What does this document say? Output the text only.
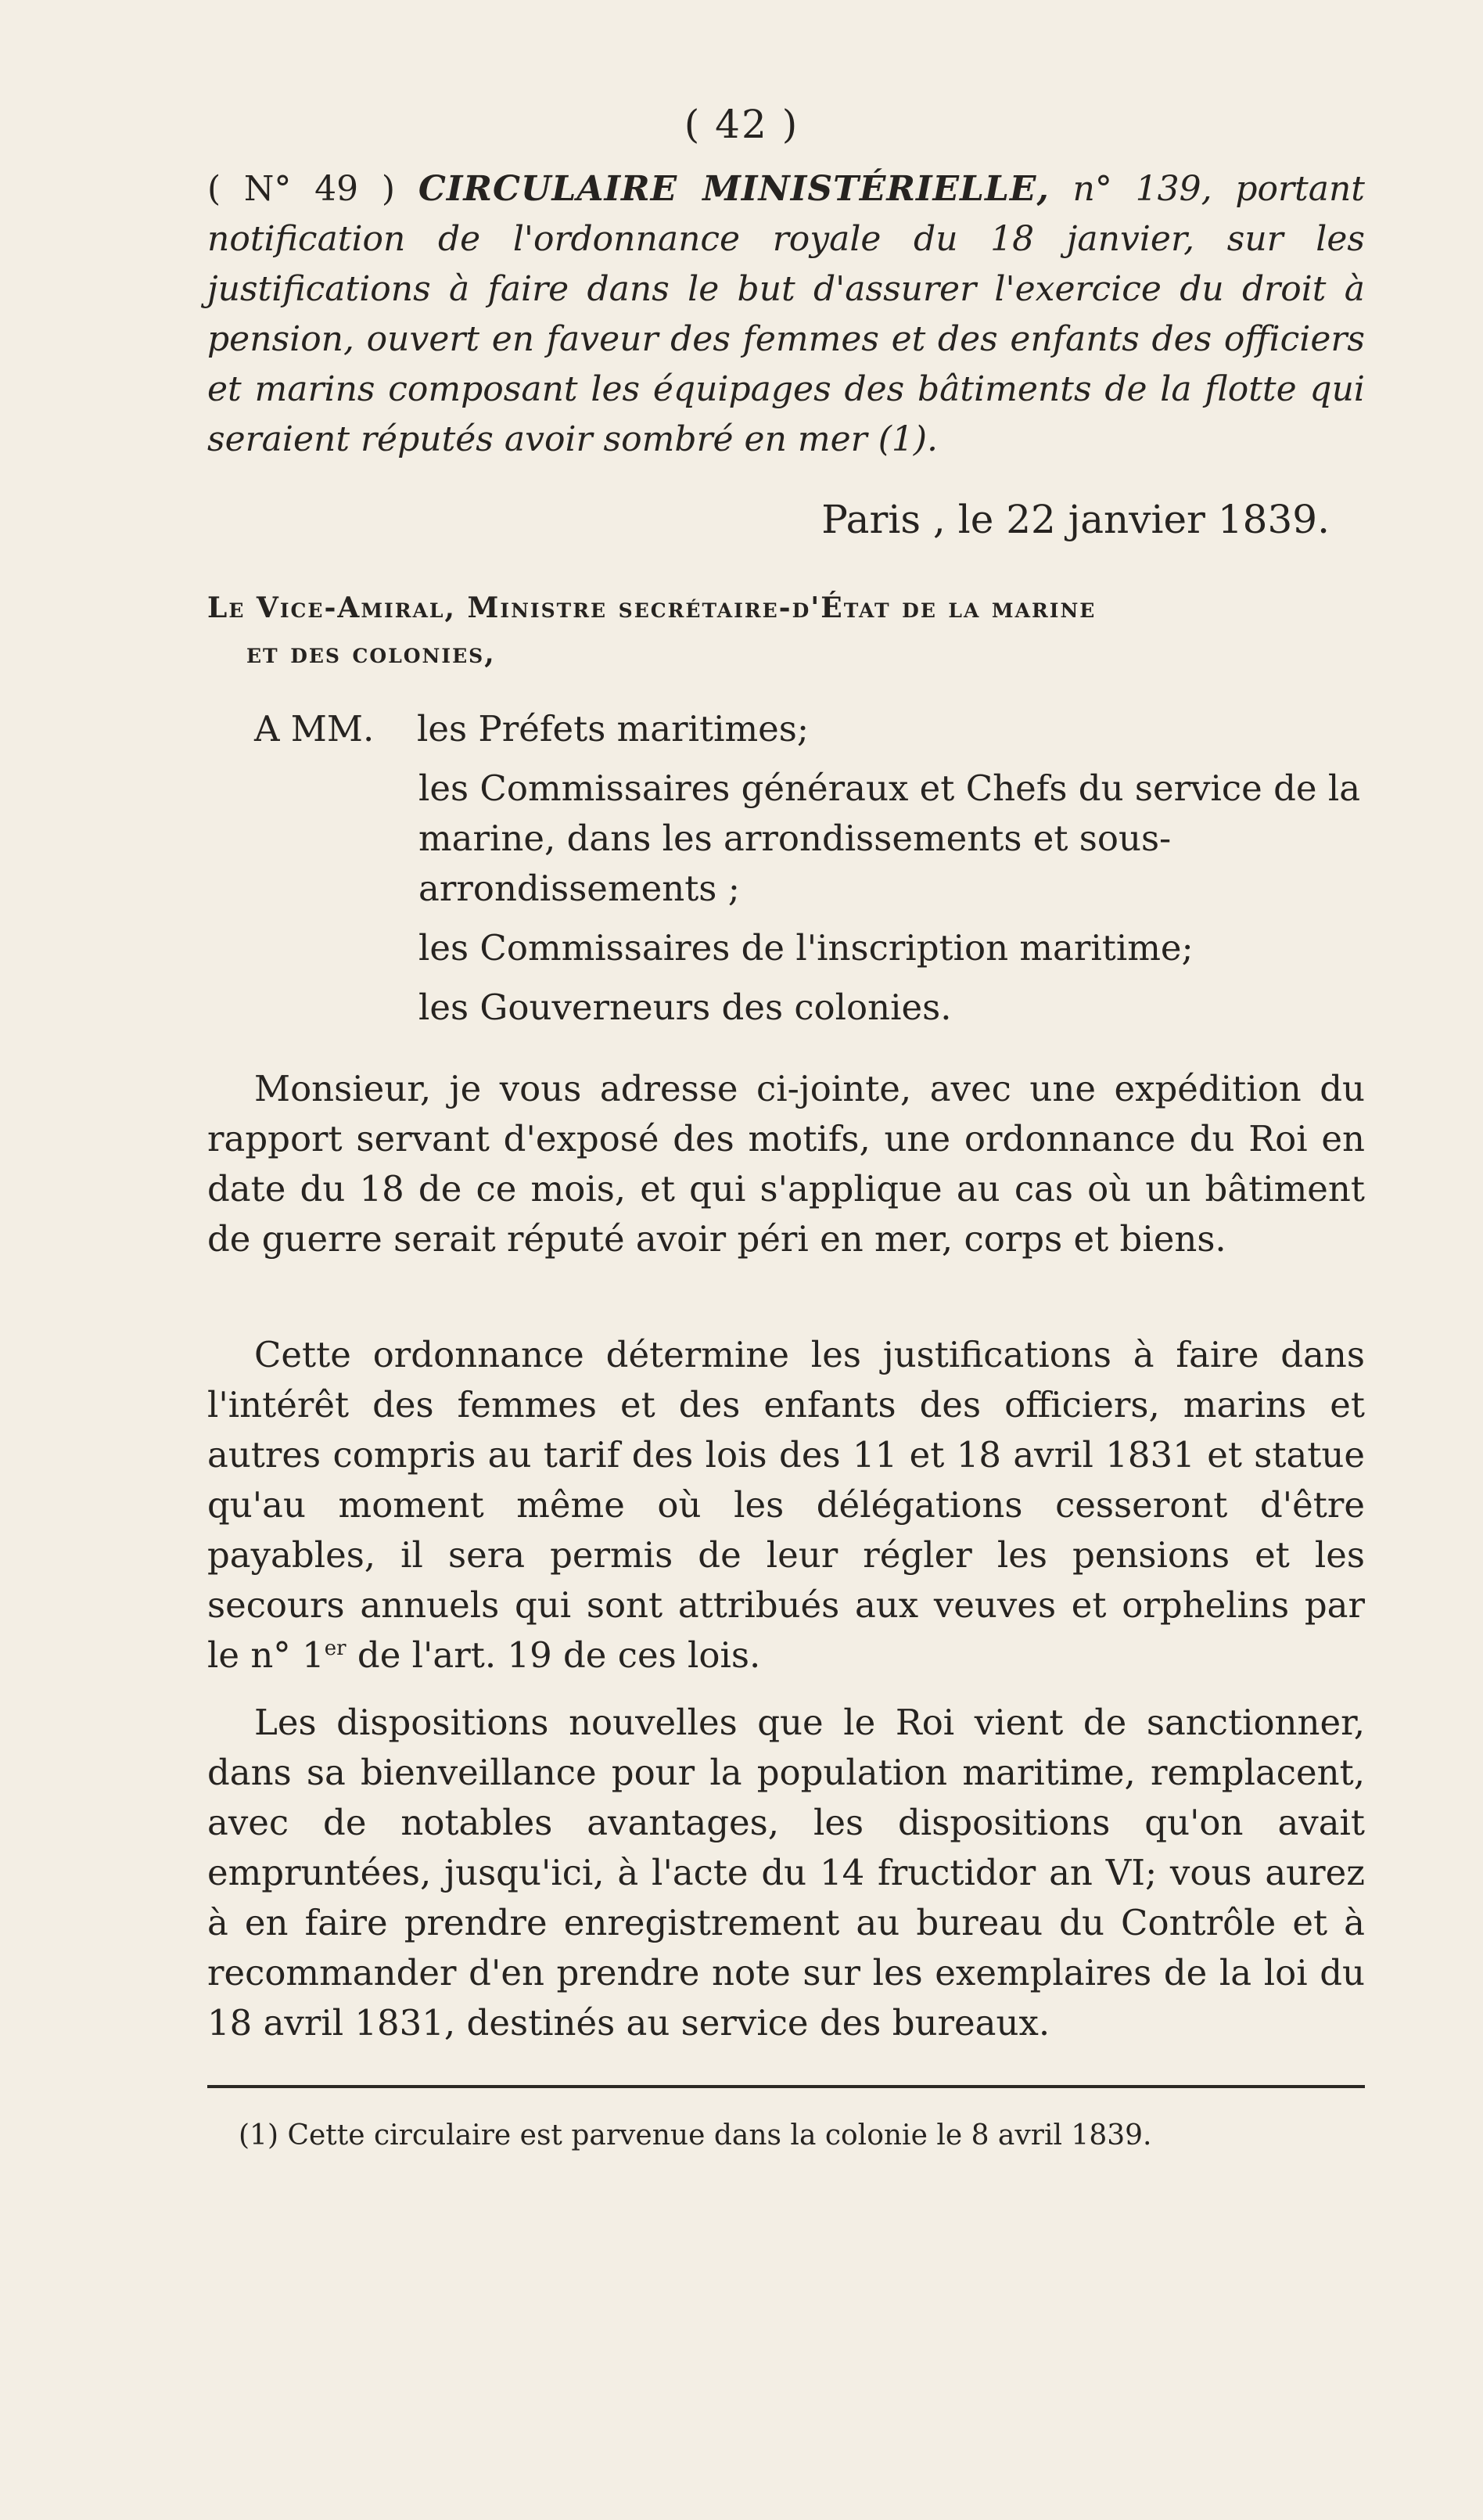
( 42 )
( N° 49 ) CIRCULAIRE MINISTÉRIELLE, n° 139, portant notification de l'ordonnance royale du 18 janvier, sur les justifications à faire dans le but d'assurer l'exercice du droit à pension, ouvert en faveur des femmes et des enfants des officiers et marins composant les équipages des bâtiments de la flotte qui seraient réputés avoir sombré en mer (1).
Paris , le 22 janvier 1839.
Le Vice-Amiral, Ministre secrétaire-d'État de la marine
et des colonies,
A MM.	les Préfets maritimes;
les Commissaires généraux et Chefs du service de la marine, dans les arrondissements et sous-arrondissements ;
les Commissaires de l'inscription maritime;
les Gouverneurs des colonies.

Monsieur, je vous adresse ci-jointe, avec une expédition du rapport servant d'exposé des motifs, une ordonnance du Roi en date du 18 de ce mois, et qui s'applique au cas où un bâtiment de guerre serait réputé avoir péri en mer, corps et biens.

Cette ordonnance détermine les justifications à faire dans l'intérêt des femmes et des enfants des officiers, marins et autres compris au tarif des lois des 11 et 18 avril 1831 et statue qu'au moment même où les délégations cesseront d'être payables, il sera permis de leur régler les pensions et les secours annuels qui sont attribués aux veuves et orphelins par le n° 1er de l'art. 19 de ces lois.

Les dispositions nouvelles que le Roi vient de sanctionner, dans sa bienveillance pour la population maritime, remplacent, avec de notables avantages, les dispositions qu'on avait empruntées, jusqu'ici, à l'acte du 14 fructidor an VI; vous aurez à en faire prendre enregistrement au bureau du Contrôle et à recommander d'en prendre note sur les exemplaires de la loi du 18 avril 1831, destinés au service des bureaux.

(1) Cette circulaire est parvenue dans la colonie le 8 avril 1839.
